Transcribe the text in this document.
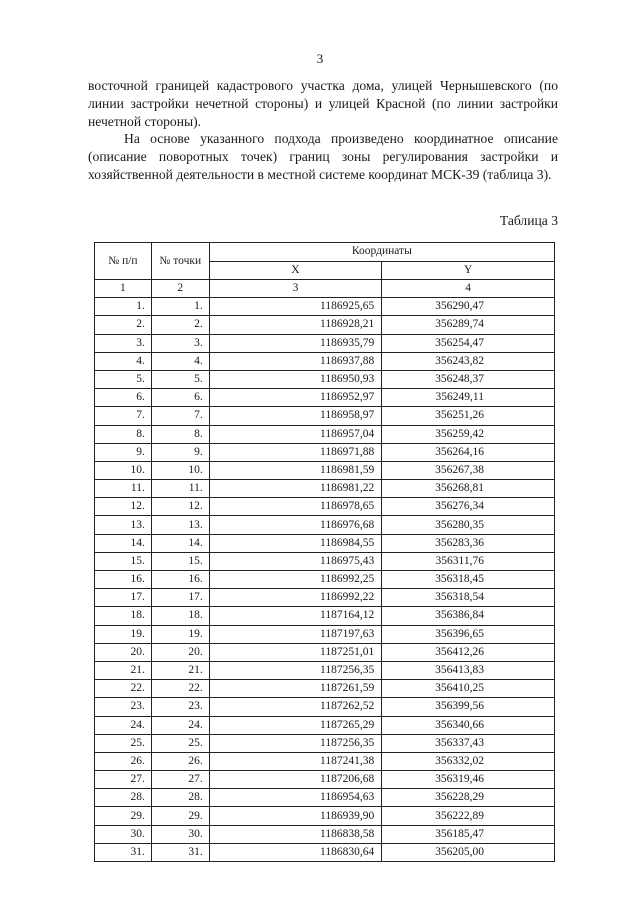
3
восточной границей кадастрового участка дома, улицей Чернышевского (по линии застройки нечетной стороны) и улицей Красной (по линии застройки нечетной стороны).
На основе указанного подхода произведено координатное описание (описание поворотных точек) границ зоны регулирования застройки и хозяйственной деятельности в местной системе координат МСК-39 (таблица 3).
Таблица 3
№ п/п	№ точки	Координаты	
		X	Y
1	2	3	4
1.	1.	1186925,65	356290,47
2.	2.	1186928,21	356289,74
3.	3.	1186935,79	356254,47
4.	4.	1186937,88	356243,82
5.	5.	1186950,93	356248,37
6.	6.	1186952,97	356249,11
7.	7.	1186958,97	356251,26
8.	8.	1186957,04	356259,42
9.	9.	1186971,88	356264,16
10.	10.	1186981,59	356267,38
11.	11.	1186981,22	356268,81
12.	12.	1186978,65	356276,34
13.	13.	1186976,68	356280,35
14.	14.	1186984,55	356283,36
15.	15.	1186975,43	356311,76
16.	16.	1186992,25	356318,45
17.	17.	1186992,22	356318,54
18.	18.	1187164,12	356386,84
19.	19.	1187197,63	356396,65
20.	20.	1187251,01	356412,26
21.	21.	1187256,35	356413,83
22.	22.	1187261,59	356410,25
23.	23.	1187262,52	356399,56
24.	24.	1187265,29	356340,66
25.	25.	1187256,35	356337,43
26.	26.	1187241,38	356332,02
27.	27.	1187206,68	356319,46
28.	28.	1186954,63	356228,29
29.	29.	1186939,90	356222,89
30.	30.	1186838,58	356185,47
31.	31.	1186830,64	356205,00
